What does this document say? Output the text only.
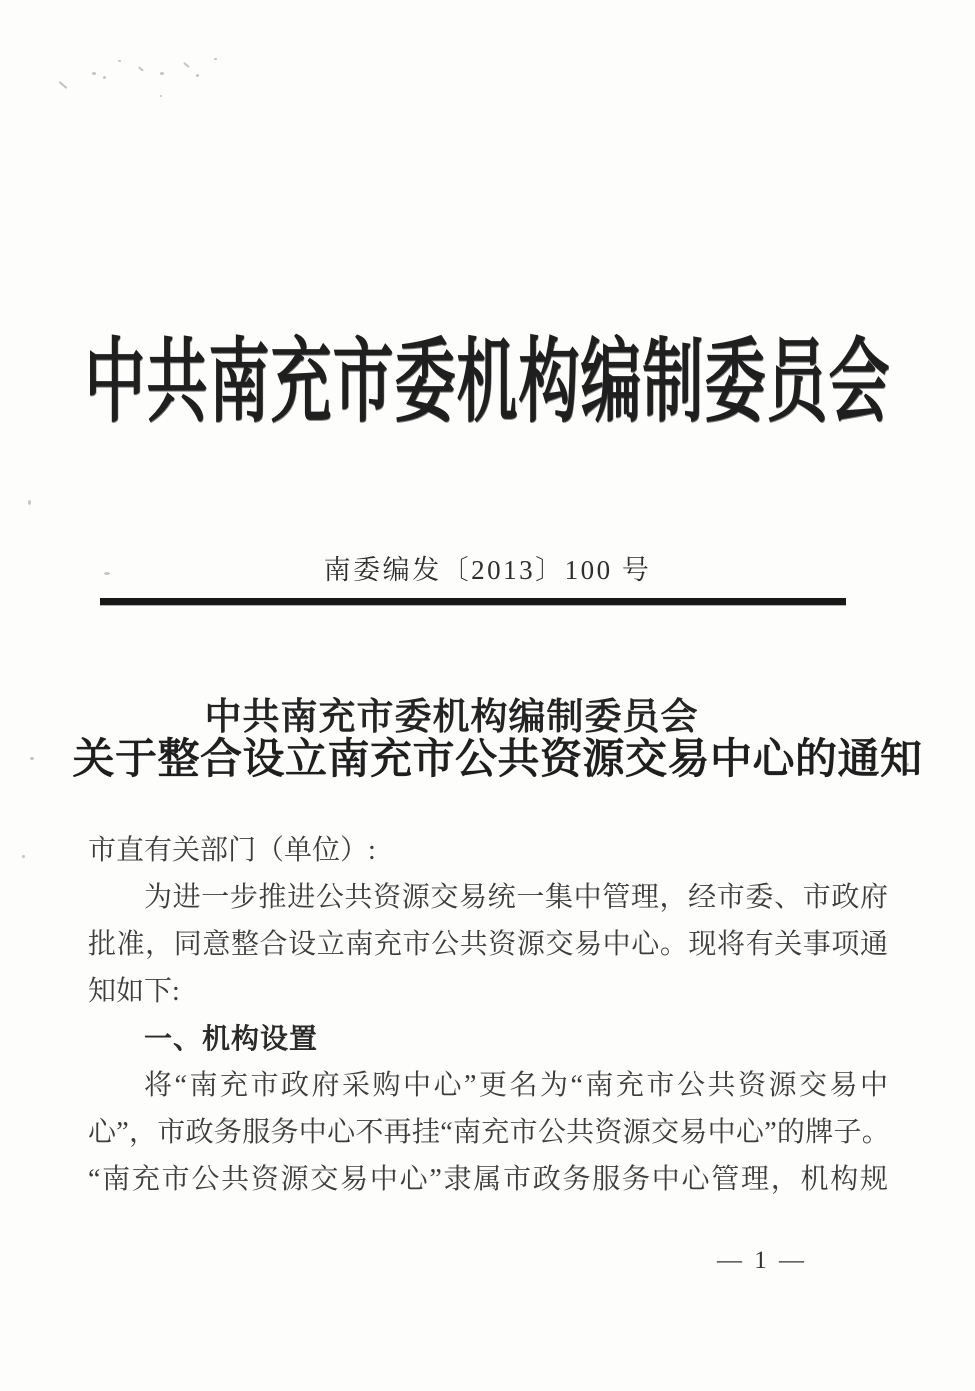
中共南充市委机构编制委员会
南委编发〔2013〕100 号
中共南充市委机构编制委员会
关于整合设立南充市公共资源交易中心的通知
市直有关部门（单位）:
为进一步推进公共资源交易统一集中管理，经市委、市政府
批准，同意整合设立南充市公共资源交易中心。现将有关事项通
知如下:
一、机构设置
将“南充市政府采购中心”更名为“南充市公共资源交易中
心”，市政务服务中心不再挂“南充市公共资源交易中心”的牌子。
“南充市公共资源交易中心”隶属市政务服务中心管理，机构规
— 1 —
